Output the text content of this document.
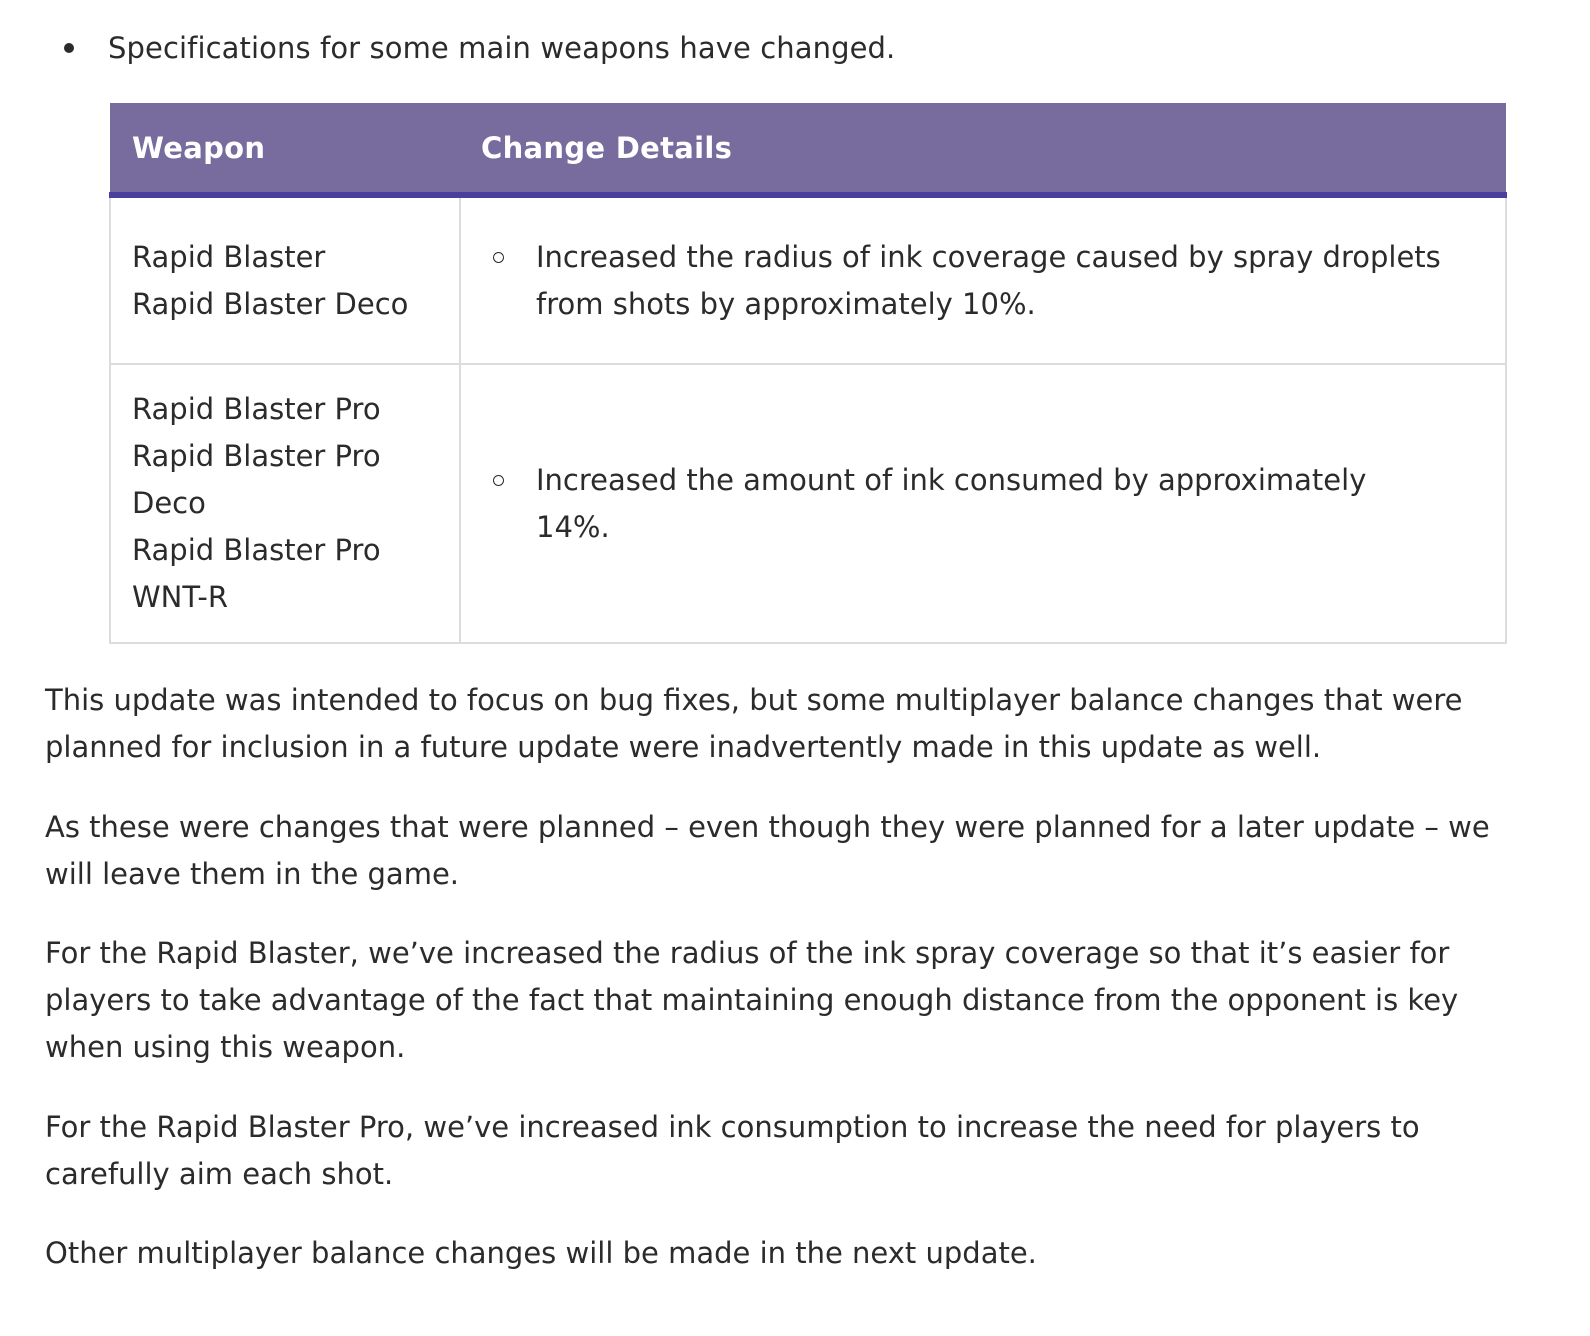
Specifications for some main weapons have changed.
Weapon	Change Details

Rapid Blaster
Rapid Blaster Deco	Increased the radius of ink coverage caused by spray droplets from shots by approximately 10%.

Rapid Blaster Pro
Rapid Blaster Pro Deco
Rapid Blaster Pro WNT-R	Increased the amount of ink consumed by approximately 14%.

This update was intended to focus on bug fixes, but some multiplayer balance changes that were planned for inclusion in a future update were inadvertently made in this update as well.

As these were changes that were planned – even though they were planned for a later update – we will leave them in the game.

For the Rapid Blaster, we’ve increased the radius of the ink spray coverage so that it’s easier for players to take advantage of the fact that maintaining enough distance from the opponent is key when using this weapon.

For the Rapid Blaster Pro, we’ve increased ink consumption to increase the need for players to carefully aim each shot.

Other multiplayer balance changes will be made in the next update.
